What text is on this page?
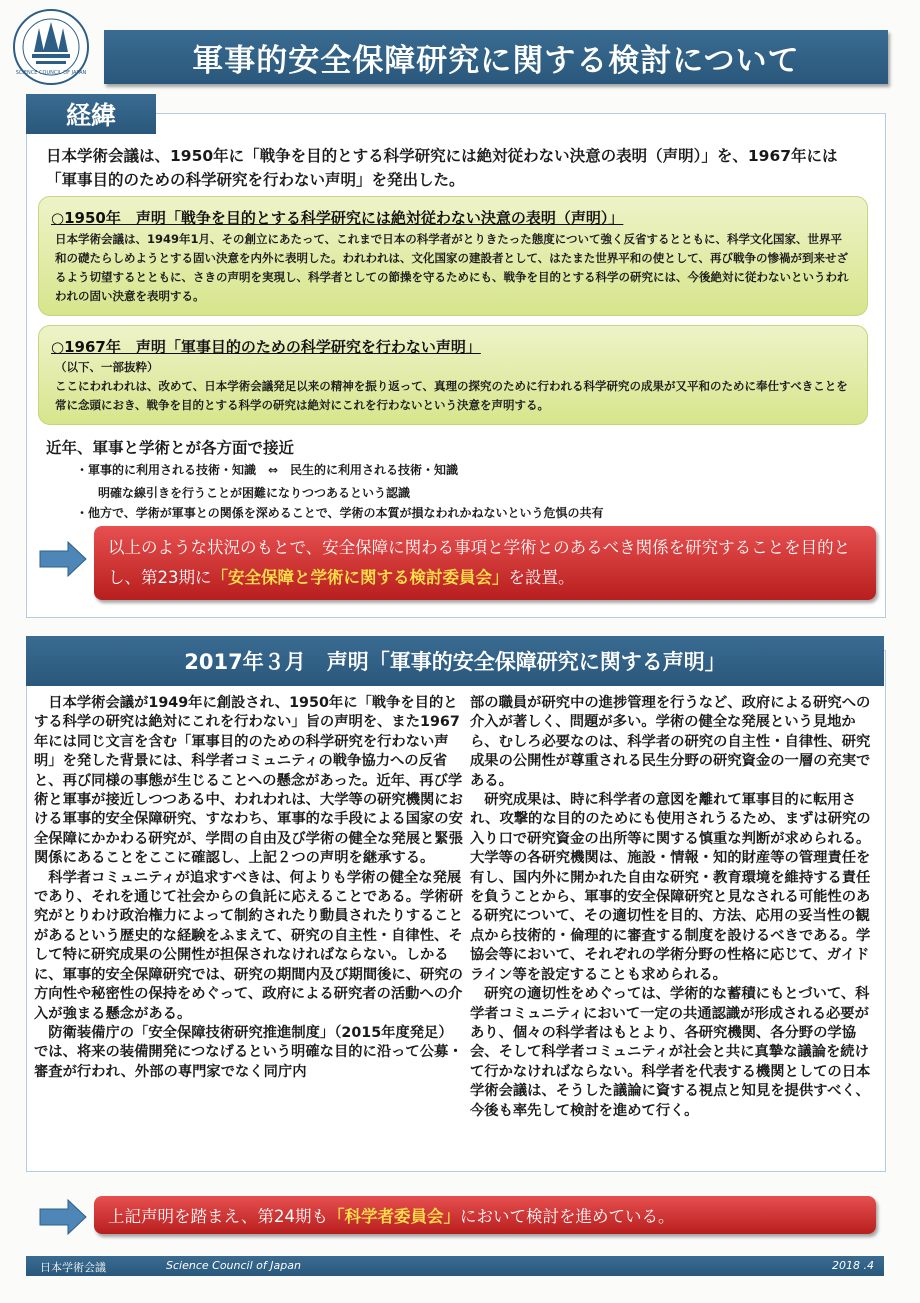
SCIENCE COUNCIL OF JAPAN	軍事的安全保障研究に関する検討について
経緯
日本学術会議は、1950年に「戦争を目的とする科学研究には絶対従わない決意の表明（声明）」を、1967年には「軍事目的のための科学研究を行わない声明」を発出した。
○1950年　声明「戦争を目的とする科学研究には絶対従わない決意の表明（声明）」
日本学術会議は、1949年1月、その創立にあたって、これまで日本の科学者がとりきたった態度について強く反省するとともに、科学文化国家、世界平和の礎たらしめようとする固い決意を内外に表明した。われわれは、文化国家の建設者として、はたまた世界平和の使として、再び戦争の惨禍が到来せざるよう切望するとともに、さきの声明を実現し、科学者としての節操を守るためにも、戦争を目的とする科学の研究には、今後絶対に従わないというわれわれの固い決意を表明する。
○1967年　声明「軍事目的のための科学研究を行わない声明」
（以下、一部抜粋）
ここにわれわれは、改めて、日本学術会議発足以来の精神を振り返って、真理の探究のために行われる科学研究の成果が又平和のために奉仕すべきことを常に念頭におき、戦争を目的とする科学の研究は絶対にこれを行わないという決意を声明する。
近年、軍事と学術とが各方面で接近
・軍事的に利用される技術・知識　⇔　民生的に利用される技術・知識
明確な線引きを行うことが困難になりつつあるという認識
・他方で、学術が軍事との関係を深めることで、学術の本質が損なわれかねないという危惧の共有
以上のような状況のもとで、安全保障に関わる事項と学術とのあるべき関係を研究することを目的とし、第23期に「安全保障と学術に関する検討委員会」を設置。
2017年３月　声明「軍事的安全保障研究に関する声明」

日本学術会議が1949年に創設され、1950年に「戦争を目的とする科学の研究は絶対にこれを行わない」旨の声明を、また1967年には同じ文言を含む「軍事目的のための科学研究を行わない声明」を発した背景には、科学者コミュニティの戦争協力への反省と、再び同様の事態が生じることへの懸念があった。近年、再び学術と軍事が接近しつつある中、われわれは、大学等の研究機関における軍事的安全保障研究、すなわち、軍事的な手段による国家の安全保障にかかわる研究が、学問の自由及び学術の健全な発展と緊張関係にあることをここに確認し、上記２つの声明を継承する。

科学者コミュニティが追求すべきは、何よりも学術の健全な発展であり、それを通じて社会からの負託に応えることである。学術研究がとりわけ政治権力によって制約されたり動員されたりすることがあるという歴史的な経験をふまえて、研究の自主性・自律性、そして特に研究成果の公開性が担保されなければならない。しかるに、軍事的安全保障研究では、研究の期間内及び期間後に、研究の方向性や秘密性の保持をめぐって、政府による研究者の活動への介入が強まる懸念がある。

防衛装備庁の「安全保障技術研究推進制度」（2015年度発足）では、将来の装備開発につなげるという明確な目的に沿って公募・審査が行われ、外部の専門家でなく同庁内

部の職員が研究中の進捗管理を行うなど、政府による研究への介入が著しく、問題が多い。学術の健全な発展という見地から、むしろ必要なのは、科学者の研究の自主性・自律性、研究成果の公開性が尊重される民生分野の研究資金の一層の充実である。

研究成果は、時に科学者の意図を離れて軍事目的に転用され、攻撃的な目的のためにも使用されうるため、まずは研究の入り口で研究資金の出所等に関する慎重な判断が求められる。大学等の各研究機関は、施設・情報・知的財産等の管理責任を有し、国内外に開かれた自由な研究・教育環境を維持する責任を負うことから、軍事的安全保障研究と見なされる可能性のある研究について、その適切性を目的、方法、応用の妥当性の観点から技術的・倫理的に審査する制度を設けるべきである。学協会等において、それぞれの学術分野の性格に応じて、ガイドライン等を設定することも求められる。

研究の適切性をめぐっては、学術的な蓄積にもとづいて、科学者コミュニティにおいて一定の共通認識が形成される必要があり、個々の科学者はもとより、各研究機関、各分野の学協会、そして科学者コミュニティが社会と共に真摯な議論を続けて行かなければならない。科学者を代表する機関としての日本学術会議は、そうした議論に資する視点と知見を提供すべく、今後も率先して検討を進めて行く。

上記声明を踏まえ、第24期も 「科学者委員会」 において検討を進めている。
日本学術会議	Science Council of Japan	2018 .4
